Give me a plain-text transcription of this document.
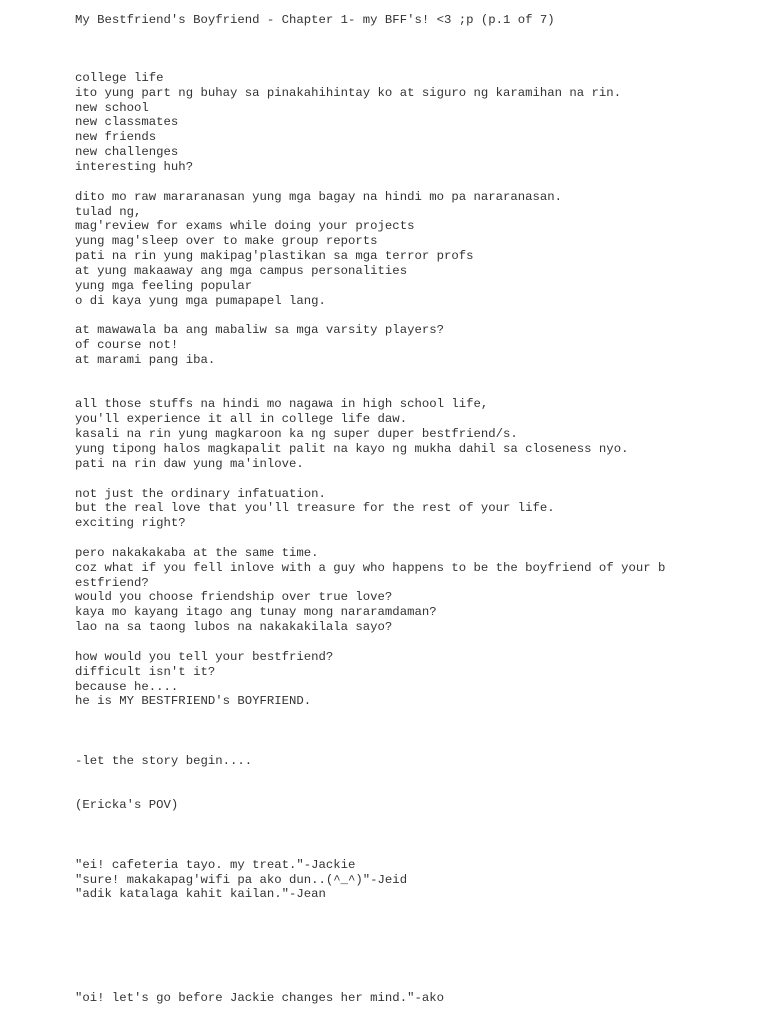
My Bestfriend's Boyfriend - Chapter 1- my BFF's! <3 ;p (p.1 of 7)
college life
ito yung part ng buhay sa pinakahihintay ko at siguro ng karamihan na rin.
new school
new classmates
new friends
new challenges
interesting huh?
dito mo raw mararanasan yung mga bagay na hindi mo pa nararanasan.
tulad ng,
mag'review for exams while doing your projects
yung mag'sleep over to make group reports
pati na rin yung makipag'plastikan sa mga terror profs
at yung makaaway ang mga campus personalities
yung mga feeling popular
o di kaya yung mga pumapapel lang.
at mawawala ba ang mabaliw sa mga varsity players?
of course not!
at marami pang iba.
all those stuffs na hindi mo nagawa in high school life,
you'll experience it all in college life daw.
kasali na rin yung magkaroon ka ng super duper bestfriend/s.
yung tipong halos magkapalit palit na kayo ng mukha dahil sa closeness nyo.
pati na rin daw yung ma'inlove.
not just the ordinary infatuation.
but the real love that you'll treasure for the rest of your life.
exciting right?
pero nakakakaba at the same time.
coz what if you fell inlove with a guy who happens to be the boyfriend of your b
estfriend?
would you choose friendship over true love?
kaya mo kayang itago ang tunay mong nararamdaman?
lao na sa taong lubos na nakakakilala sayo?
how would you tell your bestfriend?
difficult isn't it?
because he....
he is MY BESTFRIEND's BOYFRIEND.
-let the story begin....
(Ericka's POV)
"ei! cafeteria tayo. my treat."-Jackie
"sure! makakapag'wifi pa ako dun..(^_^)"-Jeid
"adik katalaga kahit kailan."-Jean
"oi! let's go before Jackie changes her mind."-ako
